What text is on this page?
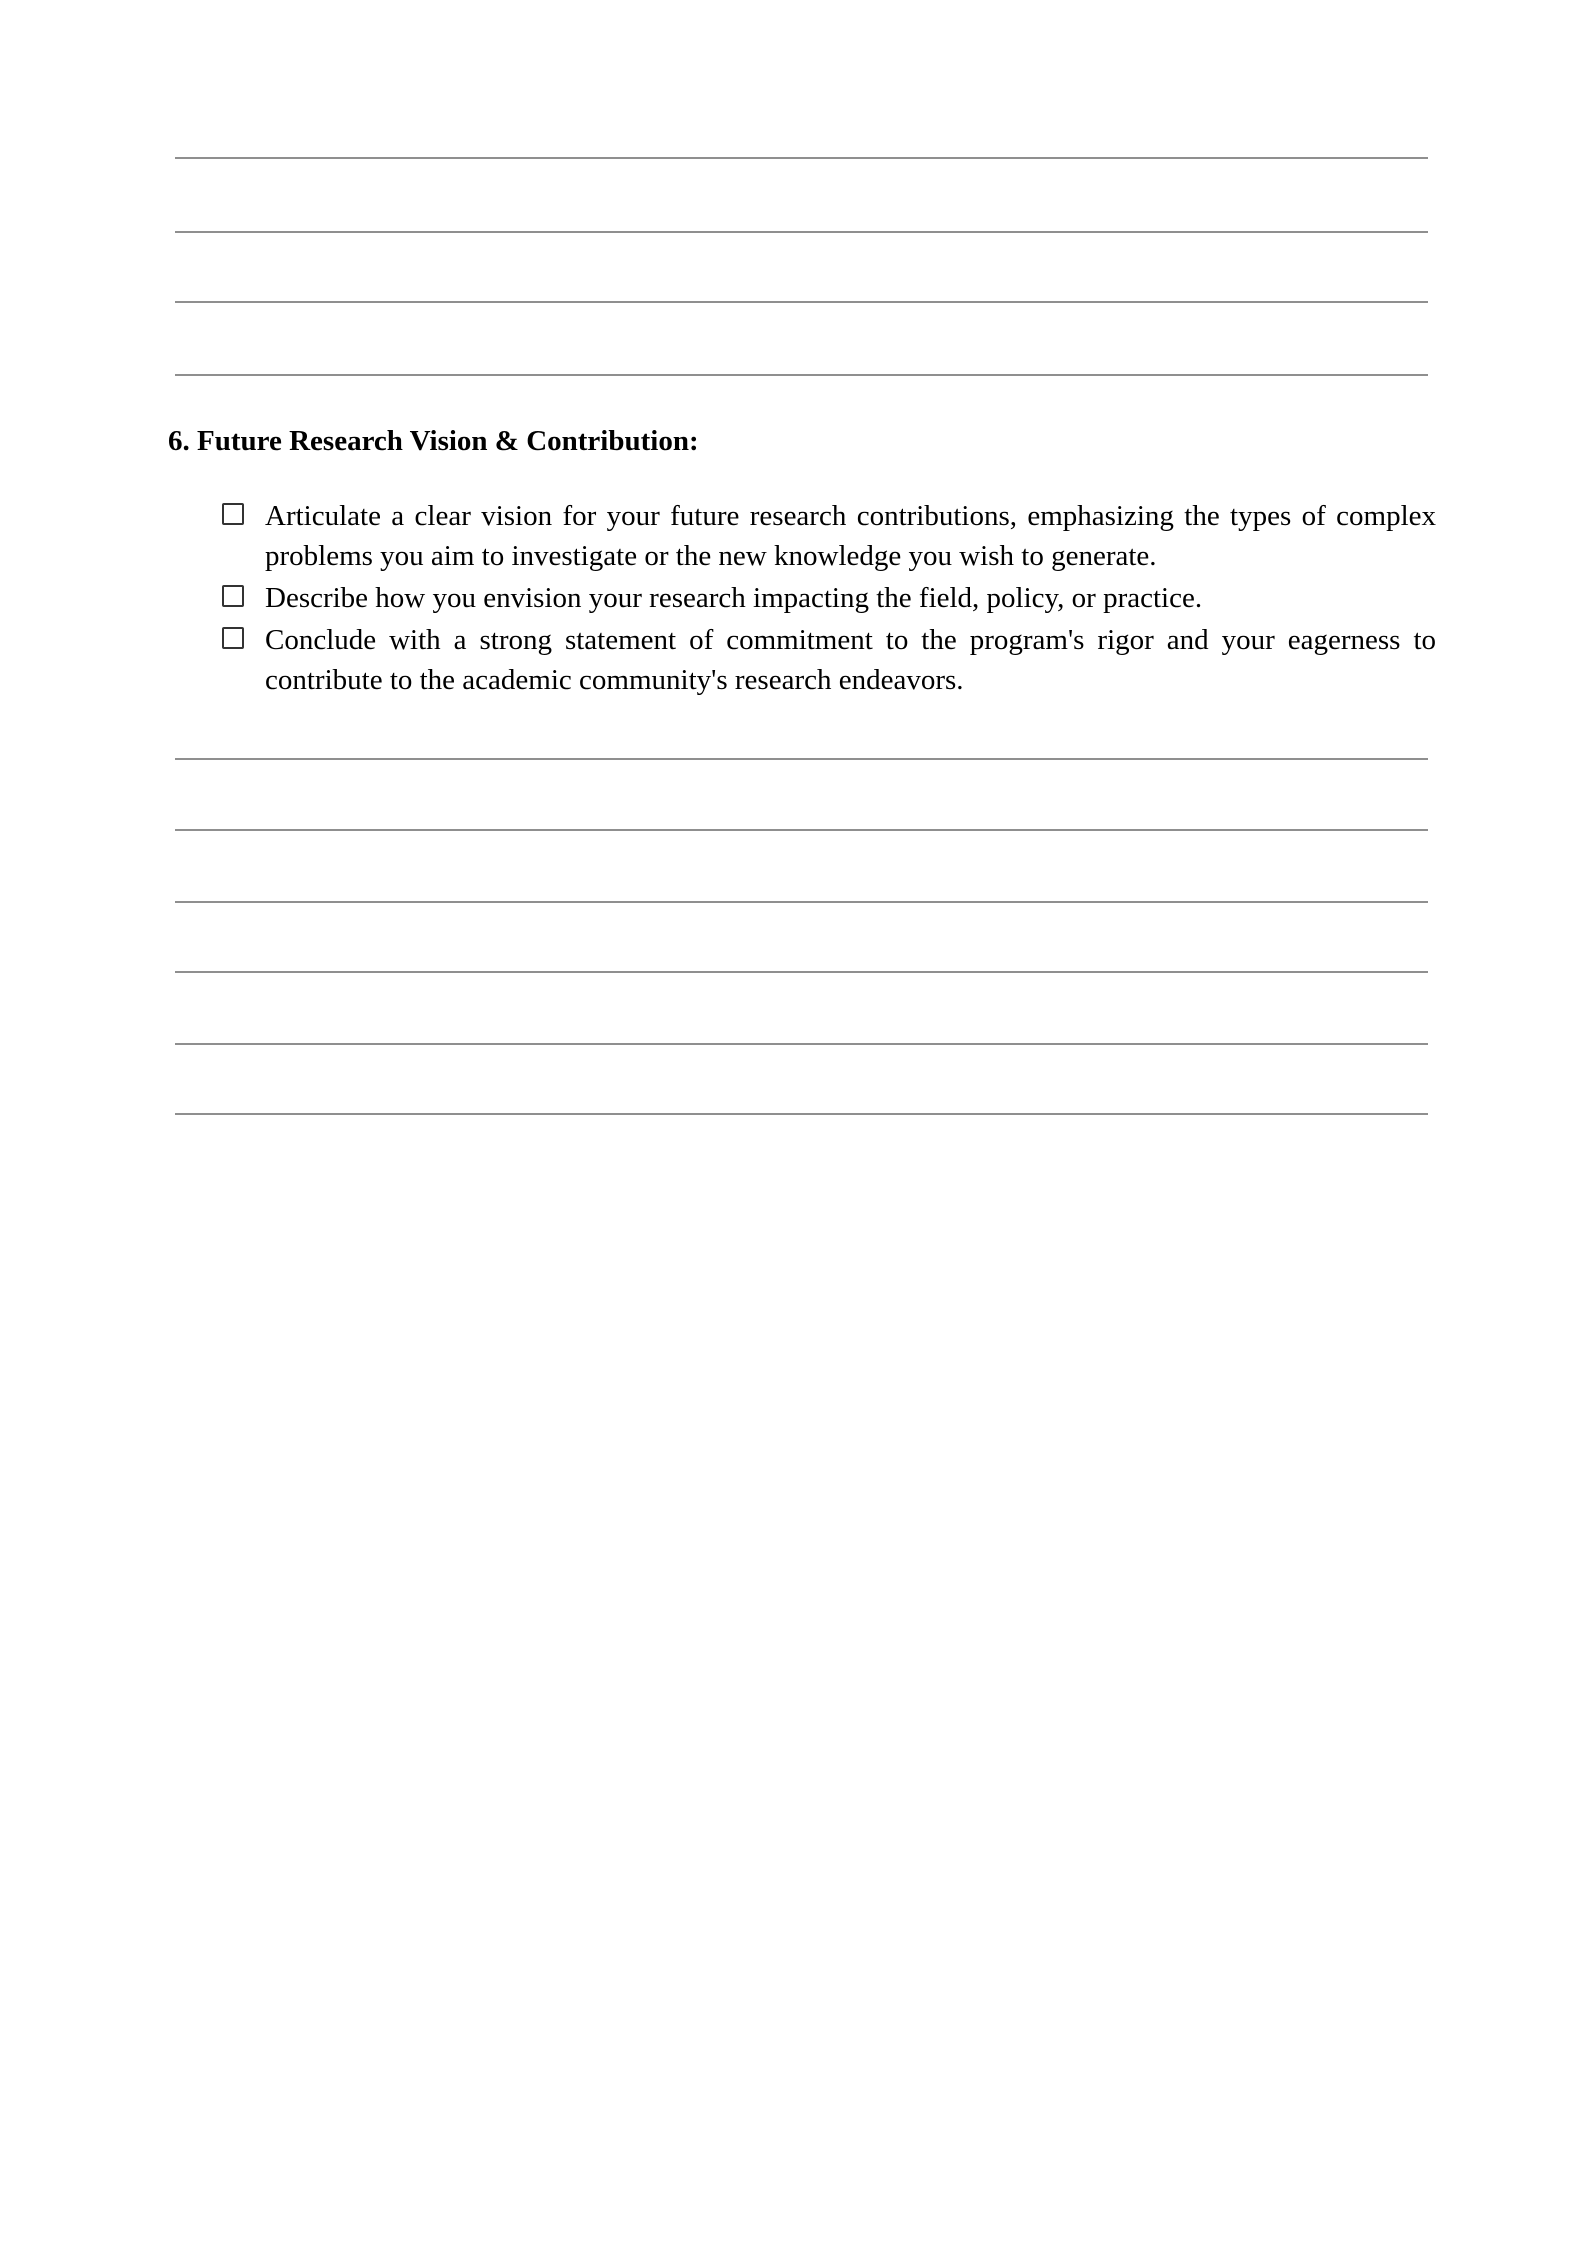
6. Future Research Vision & Contribution:
Articulate a clear vision for your future research contributions, emphasizing the types of complex problems you aim to investigate or the new knowledge you wish to generate.
Describe how you envision your research impacting the field, policy, or practice.
Conclude with a strong statement of commitment to the program's rigor and your eagerness to contribute to the academic community's research endeavors.
